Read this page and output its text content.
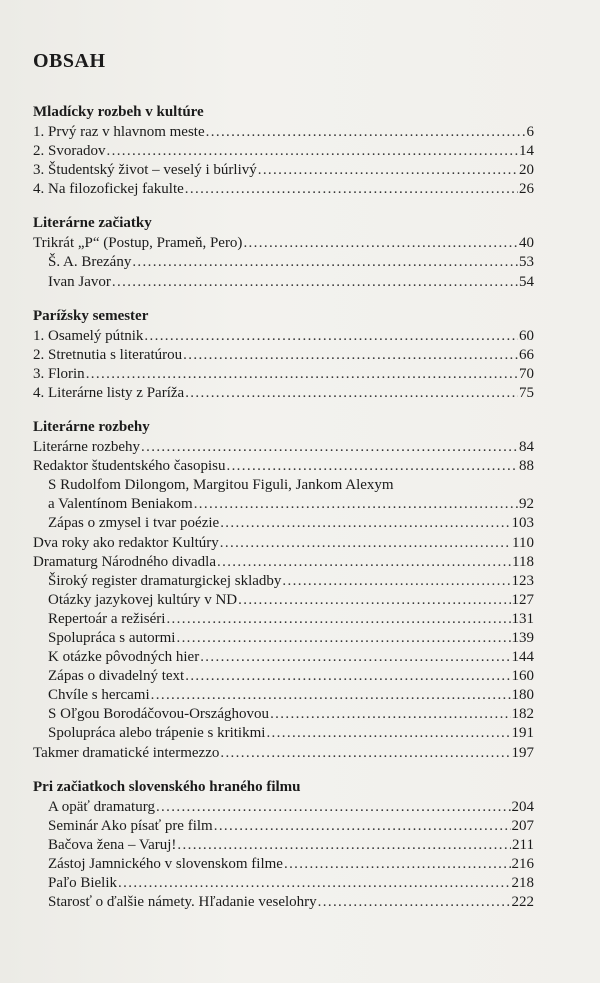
OBSAH
Mladícky rozbeh v kultúre
1. Prvý raz v hlavnom meste . . .	6
2. Svoradov . . .	14
3. Študentský život – veselý i búrlivý . . .	20
4. Na filozofickej fakulte . . .	26
Literárne začiatky
Trikrát „P“ (Postup, Prameň, Pero) . . .	40
Š. A. Brezány . . .	53
Ivan Javor . . .	54
Parížsky semester
1. Osamelý pútnik . . .	60
2. Stretnutia s literatúrou . . .	66
3. Florin . . .	70
4. Literárne listy z Paríža . . .	75
Literárne rozbehy
Literárne rozbehy . . .	84
Redaktor študentského časopisu . . .	88
S Rudolfom Dilongom, Margitou Figuli, Jankom Alexym
a Valentínom Beniakom . . .	92
Zápas o zmysel i tvar poézie . . .	103
Dva roky ako redaktor Kultúry . . .	110
Dramaturg Národného divadla . . .	118
Široký register dramaturgickej skladby . . .	123
Otázky jazykovej kultúry v ND . . .	127
Repertoár a režiséri . . .	131
Spolupráca s autormi . . .	139
K otázke pôvodných hier . . .	144
Zápas o divadelný text . . .	160
Chvíle s hercami . . .	180
S Oľgou Borodáčovou-Országhovou . . .	182
Spolupráca alebo trápenie s kritikmi . . .	191
Takmer dramatické intermezzo . . .	197
Pri začiatkoch slovenského hraného filmu
A opäť dramaturg . . .	204
Seminár Ako písať pre film . . .	207
Bačova žena – Varuj! . . .	211
Zástoj Jamnického v slovenskom filme . . .	216
Paľo Bielik . . .	218
Starosť o ďalšie námety. Hľadanie veselohry . . .	222
